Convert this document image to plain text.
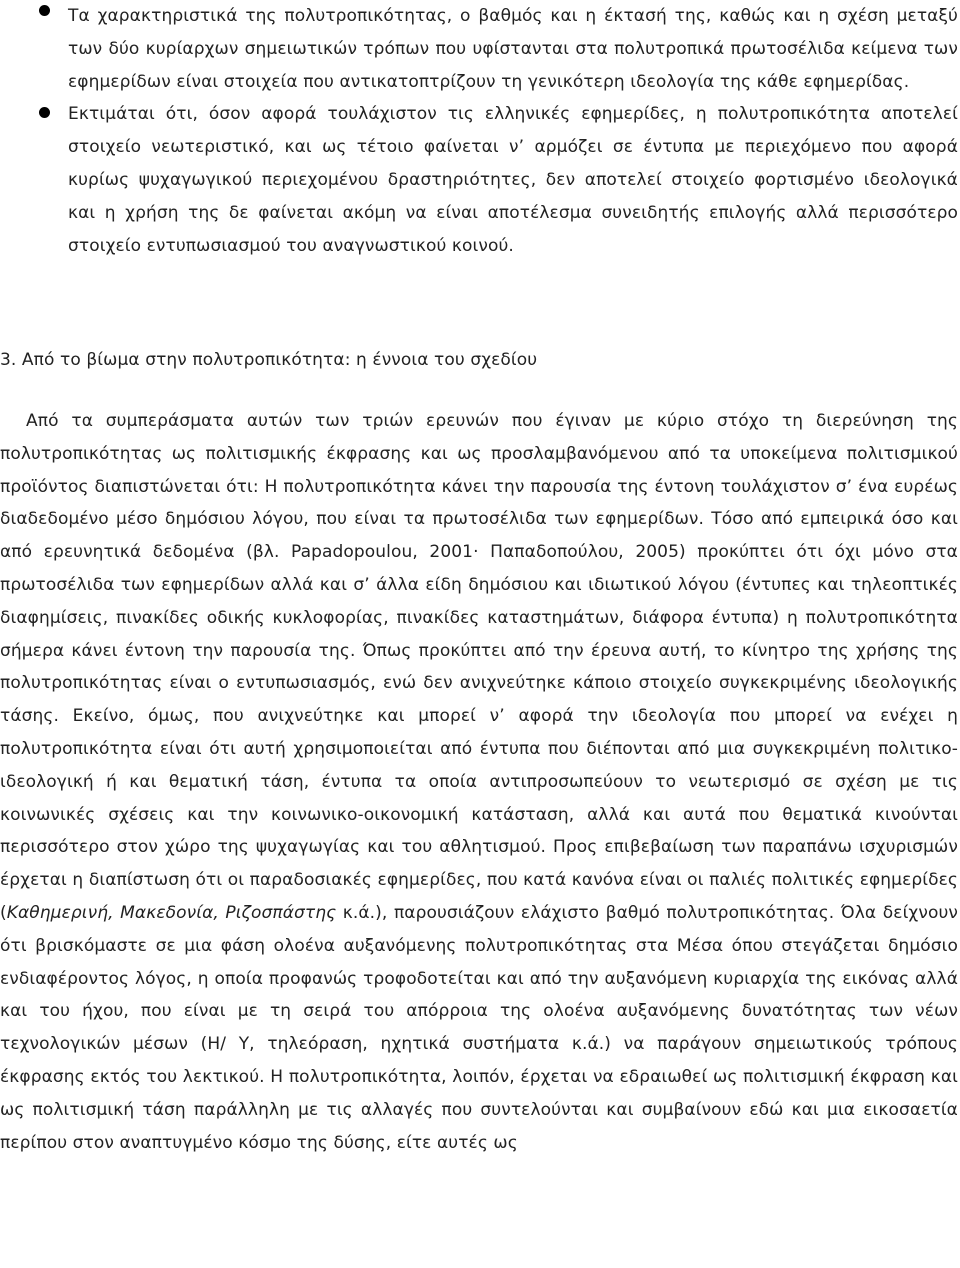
Τα χαρακτηριστικά της πολυτροπικότητας, ο βαθμός και η έκτασή της, καθώς και η σχέση μεταξύ των δύο κυρίαρχων σημειωτικών τρόπων που υφίστανται στα πολυτροπικά πρωτοσέλιδα κείμενα των εφημερίδων είναι στοιχεία που αντικατοπτρίζουν τη γενικότερη ιδεολογία της κάθε εφημερίδας.
Εκτιμάται ότι, όσον αφορά τουλάχιστον τις ελληνικές εφημερίδες, η πολυτροπικότητα αποτελεί στοιχείο νεωτεριστικό, και ως τέτοιο φαίνεται ν’ αρμόζει σε έντυπα με περιεχόμενο που αφορά κυρίως ψυχαγωγικού περιεχομένου δραστηριότητες, δεν αποτελεί στοιχείο φορτισμένο ιδεολογικά και η χρήση της δε φαίνεται ακόμη να είναι αποτέλεσμα συνειδητής επιλογής αλλά περισσότερο στοιχείο εντυπωσιασμού του αναγνωστικού κοινού.
3. Από το βίωμα στην πολυτροπικότητα: η έννοια του σχεδίου

Από τα συμπεράσματα αυτών των τριών ερευνών που έγιναν με κύριο στόχο τη διερεύνηση της πολυτροπικότητας ως πολιτισμικής έκφρασης και ως προσλαμβανόμενου από τα υποκείμενα πολιτισμικού προϊόντος διαπιστώνεται ότι: Η πολυτροπικότητα κάνει την παρουσία της έντονη τουλάχιστον σ’ ένα ευρέως διαδεδομένο μέσο δημόσιου λόγου, που είναι τα πρωτοσέλιδα των εφημερίδων. Τόσο από εμπειρικά όσο και από ερευνητικά δεδομένα (βλ. Papadopoulou, 2001· Παπαδοπούλου, 2005) προκύπτει ότι όχι μόνο στα πρωτοσέλιδα των εφημερίδων αλλά και σ’ άλλα είδη δημόσιου και ιδιωτικού λόγου (έντυπες και τηλεοπτικές διαφημίσεις, πινακίδες οδικής κυκλοφορίας, πινακίδες καταστημάτων, διάφορα έντυπα) η πολυτροπικότητα σήμερα κάνει έντονη την παρουσία της. Όπως προκύπτει από την έρευνα αυτή, το κίνητρο της χρήσης της πολυτροπικότητας είναι ο εντυπωσιασμός, ενώ δεν ανιχνεύτηκε κάποιο στοιχείο συγκεκριμένης ιδεολογικής τάσης. Εκείνο, όμως, που ανιχνεύτηκε και μπορεί ν’ αφορά την ιδεολογία που μπορεί να ενέχει η πολυτροπικότητα είναι ότι αυτή χρησιμοποιείται από έντυπα που διέπονται από μια συγκεκριμένη πολιτικο-ιδεολογική ή και θεματική τάση, έντυπα τα οποία αντιπροσωπεύουν το νεωτερισμό σε σχέση με τις κοινωνικές σχέσεις και την κοινωνικο-οικονομική κατάσταση, αλλά και αυτά που θεματικά κινούνται περισσότερο στον χώρο της ψυχαγωγίας και του αθλητισμού. Προς επιβεβαίωση των παραπάνω ισχυρισμών έρχεται η διαπίστωση ότι οι παραδοσιακές εφημερίδες, που κατά κανόνα είναι οι παλιές πολιτικές εφημερίδες (Καθημερινή, Μακεδονία, Ριζοσπάστης κ.ά.), παρουσιάζουν ελάχιστο βαθμό πολυτροπικότητας. Όλα δείχνουν ότι βρισκόμαστε σε μια φάση ολοένα αυξανόμενης πολυτροπικότητας στα Μέσα όπου στεγάζεται δημόσιο ενδιαφέροντος λόγος, η οποία προφανώς τροφοδοτείται και από την αυξανόμενη κυριαρχία της εικόνας αλλά και του ήχου, που είναι με τη σειρά του απόρροια της ολοένα αυξανόμενης δυνατότητας των νέων τεχνολογικών μέσων (Η/ Υ, τηλεόραση, ηχητικά συστήματα κ.ά.) να παράγουν σημειωτικούς τρόπους έκφρασης εκτός του λεκτικού. Η πολυτροπικότητα, λοιπόν, έρχεται να εδραιωθεί ως πολιτισμική έκφραση και ως πολιτισμική τάση παράλληλη με τις αλλαγές που συντελούνται και συμβαίνουν εδώ και μια εικοσαετία περίπου στον αναπτυγμένο κόσμο της δύσης, είτε αυτές ως
